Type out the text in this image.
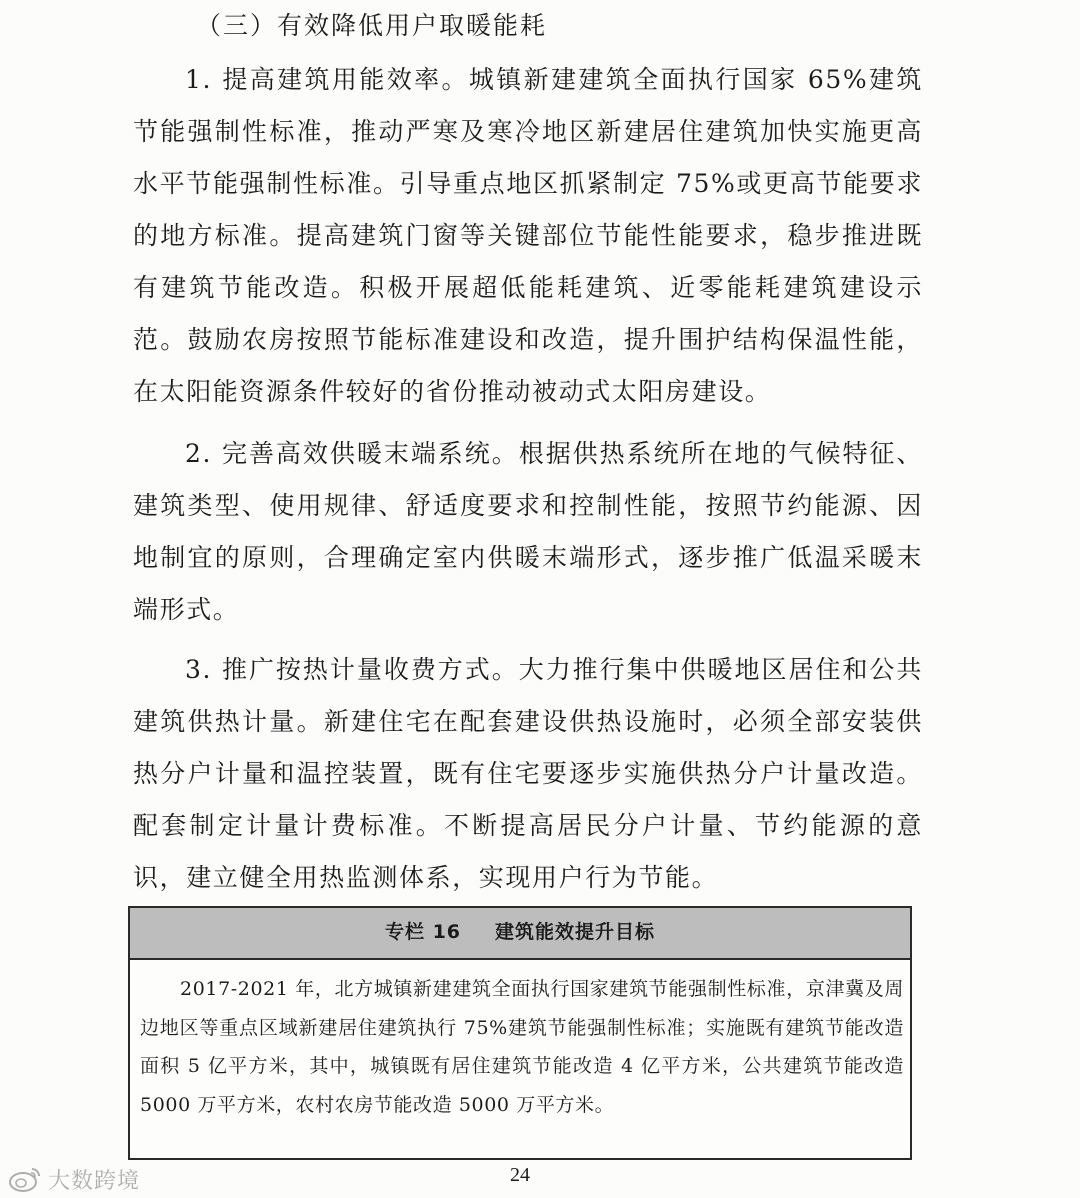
（三）有效降低用户取暖能耗

1. 提高建筑用能效率。城镇新建建筑全面执行国家 65%建筑节能强制性标准，推动严寒及寒冷地区新建居住建筑加快实施更高水平节能强制性标准。引导重点地区抓紧制定 75%或更高节能要求的地方标准。提高建筑门窗等关键部位节能性能要求，稳步推进既有建筑节能改造。积极开展超低能耗建筑、近零能耗建筑建设示范。鼓励农房按照节能标准建设和改造，提升围护结构保温性能，在太阳能资源条件较好的省份推动被动式太阳房建设。

2. 完善高效供暖末端系统。根据供热系统所在地的气候特征、建筑类型、使用规律、舒适度要求和控制性能，按照节约能源、因地制宜的原则，合理确定室内供暖末端形式，逐步推广低温采暖末端形式。

3. 推广按热计量收费方式。大力推行集中供暖地区居住和公共建筑供热计量。新建住宅在配套建设供热设施时，必须全部安装供热分户计量和温控装置，既有住宅要逐步实施供热分户计量改造。配套制定计量计费标准。不断提高居民分户计量、节约能源的意识，建立健全用热监测体系，实现用户行为节能。

专栏 16 建筑能效提升目标
2017-2021 年，北方城镇新建建筑全面执行国家建筑节能强制性标准，京津冀及周边地区等重点区域新建居住建筑执行 75%建筑节能强制性标准；实施既有建筑节能改造面积 5 亿平方米，其中，城镇既有居住建筑节能改造 4 亿平方米，公共建筑节能改造 5000 万平方米，农村农房节能改造 5000 万平方米。
24
大数跨境
